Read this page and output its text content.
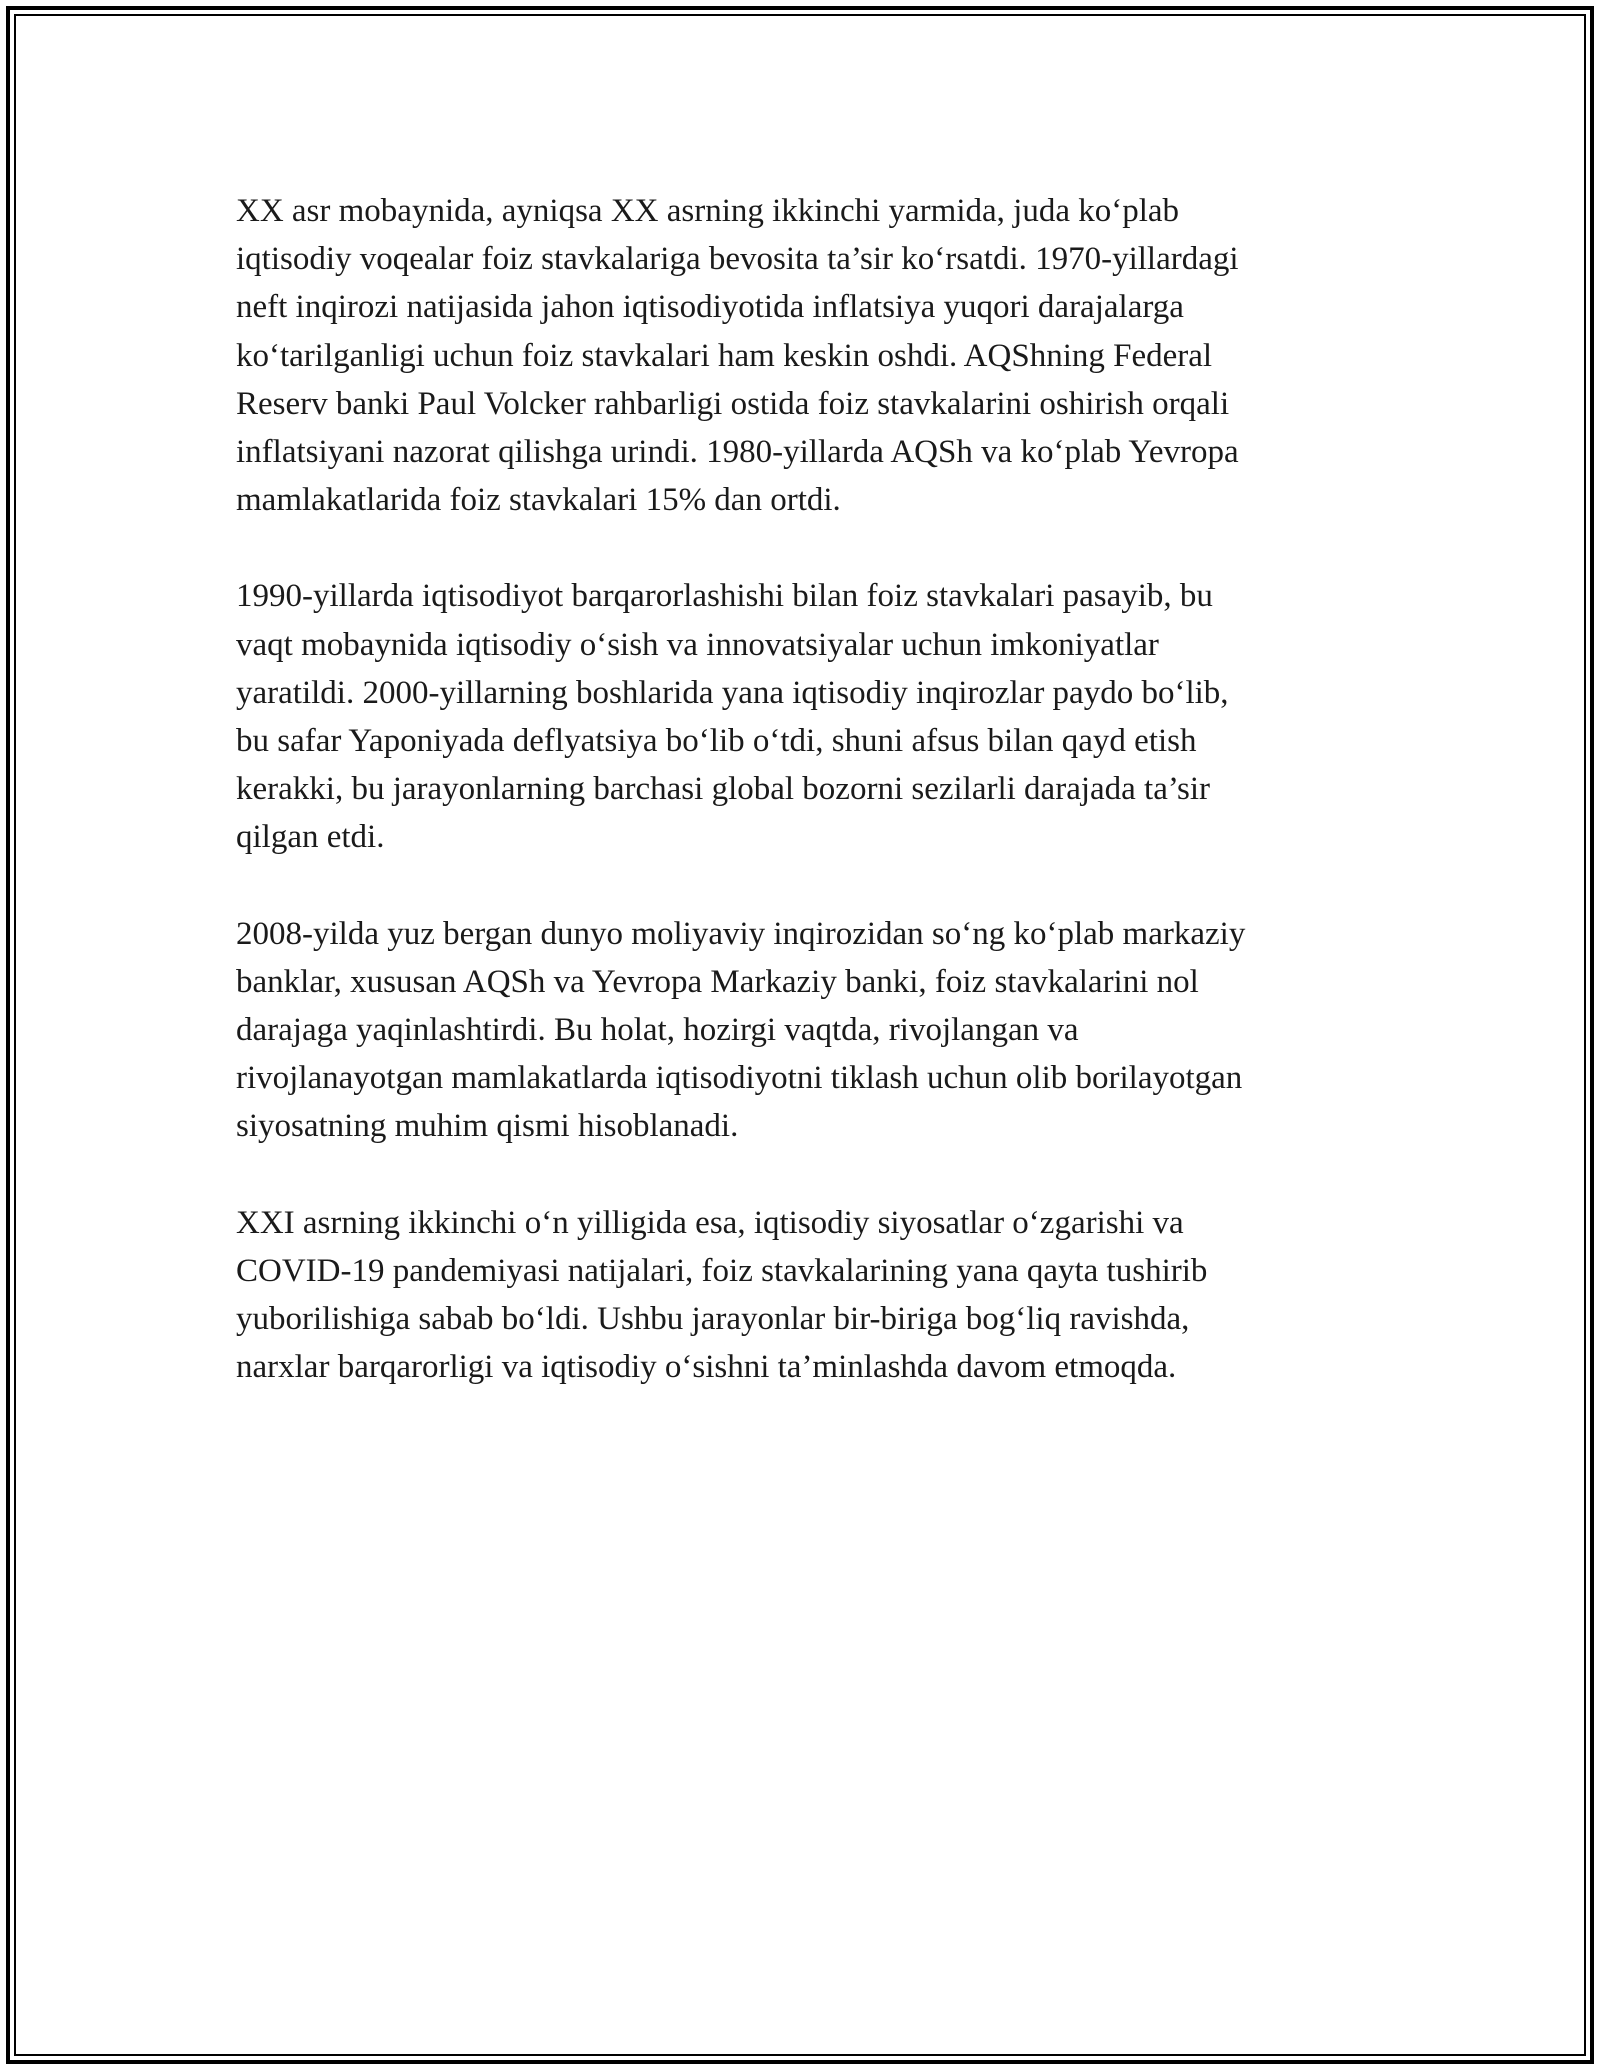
XX asr mobaynida, ayniqsa XX asrning ikkinchi yarmida, juda ko‘plab
iqtisodiy voqealar foiz stavkalariga bevosita ta’sir ko‘rsatdi. 1970-yillardagi
neft inqirozi natijasida jahon iqtisodiyotida inflatsiya yuqori darajalarga
ko‘tarilganligi uchun foiz stavkalari ham keskin oshdi. AQShning Federal
Reserv banki Paul Volcker rahbarligi ostida foiz stavkalarini oshirish orqali
inflatsiyani nazorat qilishga urindi. 1980-yillarda AQSh va ko‘plab Yevropa
mamlakatlarida foiz stavkalari 15% dan ortdi.

1990-yillarda iqtisodiyot barqarorlashishi bilan foiz stavkalari pasayib, bu
vaqt mobaynida iqtisodiy o‘sish va innovatsiyalar uchun imkoniyatlar
yaratildi. 2000-yillarning boshlarida yana iqtisodiy inqirozlar paydo bo‘lib,
bu safar Yaponiyada deflyatsiya bo‘lib o‘tdi, shuni afsus bilan qayd etish
kerakki, bu jarayonlarning barchasi global bozorni sezilarli darajada ta’sir
qilgan etdi.

2008-yilda yuz bergan dunyo moliyaviy inqirozidan so‘ng ko‘plab markaziy
banklar, xususan AQSh va Yevropa Markaziy banki, foiz stavkalarini nol
darajaga yaqinlashtirdi. Bu holat, hozirgi vaqtda, rivojlangan va
rivojlanayotgan mamlakatlarda iqtisodiyotni tiklash uchun olib borilayotgan
siyosatning muhim qismi hisoblanadi.

XXI asrning ikkinchi o‘n yilligida esa, iqtisodiy siyosatlar o‘zgarishi va
COVID-19 pandemiyasi natijalari, foiz stavkalarining yana qayta tushirib
yuborilishiga sabab bo‘ldi. Ushbu jarayonlar bir-biriga bog‘liq ravishda,
narxlar barqarorligi va iqtisodiy o‘sishni ta’minlashda davom etmoqda.
